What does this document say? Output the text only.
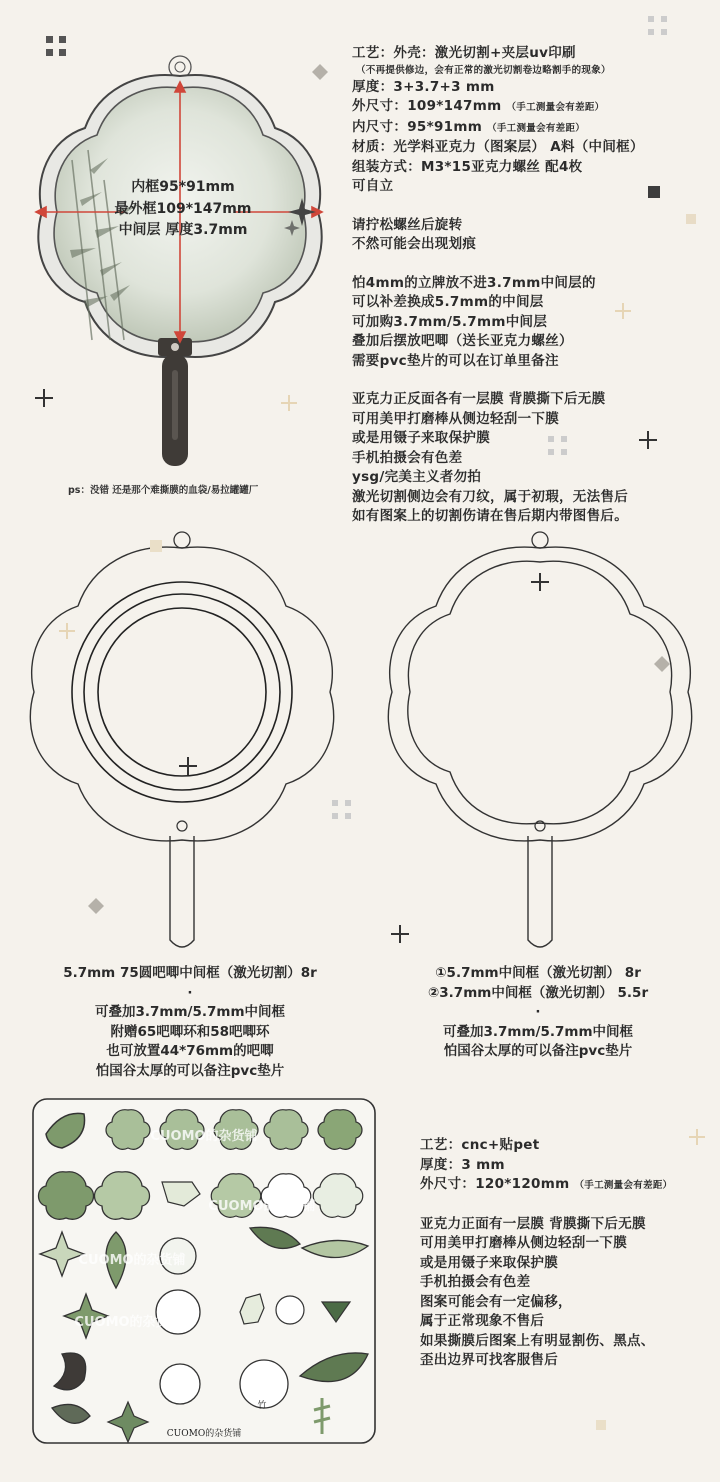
内框95*91mm
最外框109*147mm
中间层 厚度3.7mm
ps：没错 还是那个难撕膜的血袋/易拉罐罐厂
工艺：外壳：激光切割+夹层uv印刷
（不再提供修边，会有正常的激光切割卷边略割手的现象）
厚度：3+3.7+3 mm
外尺寸：109*147mm （手工测量会有差距）
内尺寸：95*91mm （手工测量会有差距）
材质：光学料亚克力（图案层） A料（中间框）
组装方式：M3*15亚克力螺丝 配4枚
可自立
请拧松螺丝后旋转
不然可能会出现划痕
怕4mm的立牌放不进3.7mm中间层的
可以补差换成5.7mm的中间层
可加购3.7mm/5.7mm中间层
叠加后摆放吧唧（送长亚克力螺丝）
需要pvc垫片的可以在订单里备注
亚克力正反面各有一层膜 背膜撕下后无膜
可用美甲打磨棒从侧边轻刮一下膜
或是用镊子来取保护膜
手机拍摄会有色差
ysg/完美主义者勿拍
激光切割侧边会有刀纹，属于初瑕，无法售后
如有图案上的切割伤请在售后期内带图售后。
5.7mm 75圆吧唧中间框（激光切割）8r
·
可叠加3.7mm/5.7mm中间框
附赠65吧唧环和58吧唧环
也可放置44*76mm的吧唧
怕国谷太厚的可以备注pvc垫片
①5.7mm中间框（激光切割） 8r
②3.7mm中间框（激光切割） 5.5r
·
可叠加3.7mm/5.7mm中间框
怕国谷太厚的可以备注pvc垫片
竹
CUOMO的杂货铺
CUOMO的杂货铺
CUOMO的杂货铺
CUOMO的杂货铺
CUOMO的杂货铺
工艺：cnc+贴pet
厚度：3 mm
外尺寸：120*120mm （手工测量会有差距）
亚克力正面有一层膜 背膜撕下后无膜
可用美甲打磨棒从侧边轻刮一下膜
或是用镊子来取保护膜
手机拍摄会有色差
图案可能会有一定偏移，
属于正常现象不售后
如果撕膜后图案上有明显割伤、黑点、
歪出边界可找客服售后
